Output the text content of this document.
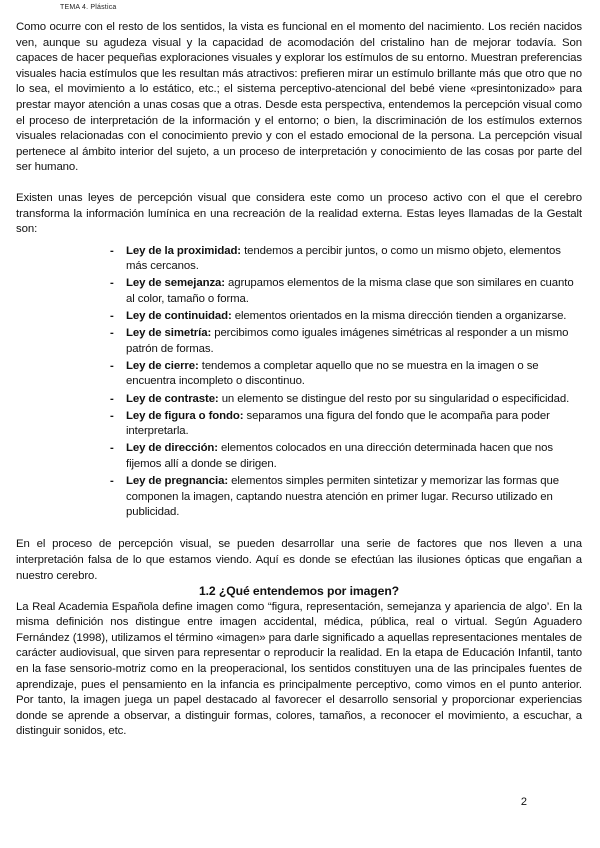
TEMA 4. Plástica

Como ocurre con el resto de los sentidos, la vista es funcional en el momento del nacimiento. Los recién nacidos ven, aunque su agudeza visual y la capacidad de acomodación del cristalino han de mejorar todavía. Son capaces de hacer pequeñas exploraciones visuales y explorar los estímulos de su entorno. Muestran preferencias visuales hacia estímulos que les resultan más atractivos: prefieren mirar un estímulo brillante más que otro que no lo sea, el movimiento a lo estático, etc.; el sistema perceptivo-atencional del bebé viene «presintonizado» para prestar mayor atención a unas cosas que a otras. Desde esta perspectiva, entendemos la percepción visual como el proceso de interpretación de la información y el entorno; o bien, la discriminación de los estímulos externos visuales relacionadas con el conocimiento previo y con el estado emocional de la persona. La percepción visual pertenece al ámbito interior del sujeto, a un proceso de interpretación y conocimiento de las cosas por parte del ser humano.

Existen unas leyes de percepción visual que considera este como un proceso activo con el que el cerebro transforma la información lumínica en una recreación de la realidad externa. Estas leyes llamadas de la Gestalt son:

- Ley de la proximidad: tendemos a percibir juntos, o como un mismo objeto, elementos más cercanos.
- Ley de semejanza: agrupamos elementos de la misma clase que son similares en cuanto al color, tamaño o forma.
- Ley de continuidad: elementos orientados en la misma dirección tienden a organizarse.
- Ley de simetría: percibimos como iguales imágenes simétricas al responder a un mismo patrón de formas.
- Ley de cierre: tendemos a completar aquello que no se muestra en la imagen o se encuentra incompleto o discontinuo.
- Ley de contraste: un elemento se distingue del resto por su singularidad o especificidad.
- Ley de figura o fondo: separamos una figura del fondo que le acompaña para poder interpretarla.
- Ley de dirección: elementos colocados en una dirección determinada hacen que nos fijemos allí a donde se dirigen.
- Ley de pregnancia: elementos simples permiten sintetizar y memorizar las formas que componen la imagen, captando nuestra atención en primer lugar. Recurso utilizado en publicidad.

En el proceso de percepción visual, se pueden desarrollar una serie de factores que nos lleven a una interpretación falsa de lo que estamos viendo. Aquí es donde se efectúan las ilusiones ópticas que engañan a nuestro cerebro.

1.2 ¿Qué entendemos por imagen?

La Real Academia Española define imagen como “figura, representación, semejanza y apariencia de algo’. En la misma definición nos distingue entre imagen accidental, médica, pública, real o virtual. Según Aguadero Fernández (1998), utilizamos el término «imagen» para darle significado a aquellas representaciones mentales de carácter audiovisual, que sirven para representar o reproducir la realidad. En la etapa de Educación Infantil, tanto en la fase sensorio-motriz como en la preoperacional, los sentidos constituyen una de las principales fuentes de aprendizaje, pues el pensamiento en la infancia es principalmente perceptivo, como vimos en el punto anterior. Por tanto, la imagen juega un papel destacado al favorecer el desarrollo sensorial y proporcionar experiencias donde se aprende a observar, a distinguir formas, colores, tamaños, a reconocer el movimiento, a escuchar, a distinguir sonidos, etc.

2
